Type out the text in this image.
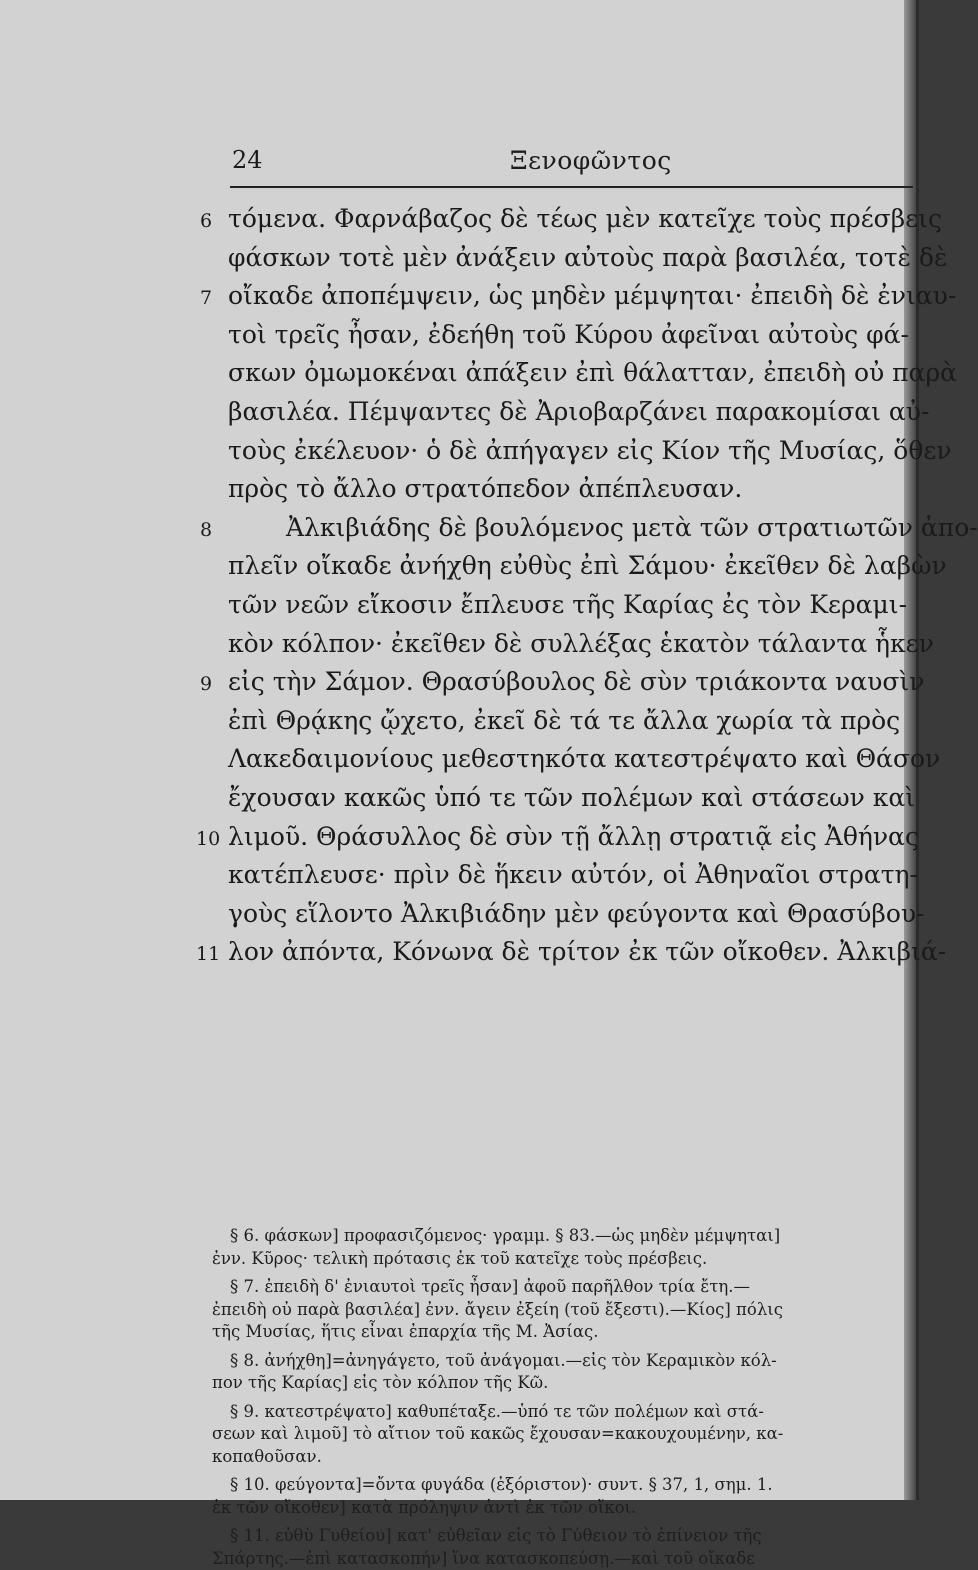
24	Ξενοφῶντος
6 τόμενα. Φαρνάβαζος δὲ τέως μὲν κατεῖχε τοὺς πρέσβεις
φάσκων τοτὲ μὲν ἀνάξειν αὐτοὺς παρὰ βασιλέα, τοτὲ δὲ
7 οἴκαδε ἀποπέμψειν, ὡς μηδὲν μέμψηται· ἐπειδὴ δὲ ἐνιαυ-
τοὶ τρεῖς ἦσαν, ἐδεήθη τοῦ Κύρου ἀφεῖναι αὐτοὺς φά-
σκων ὀμωμοκέναι ἀπάξειν ἐπὶ θάλατταν, ἐπειδὴ οὐ παρὰ
βασιλέα. Πέμψαντες δὲ Ἀριοβαρζάνει παρακομίσαι αὐ-
τοὺς ἐκέλευον· ὁ δὲ ἀπήγαγεν εἰς Κίον τῆς Μυσίας, ὅθεν
πρὸς τὸ ἄλλο στρατόπεδον ἀπέπλευσαν.
8	Ἀλκιβιάδης δὲ βουλόμενος μετὰ τῶν στρατιωτῶν ἀπο-
πλεῖν οἴκαδε ἀνήχθη εὐθὺς ἐπὶ Σάμου· ἐκεῖθεν δὲ λαβὼν
τῶν νεῶν εἴκοσιν ἔπλευσε τῆς Καρίας ἐς τὸν Κεραμι-
κὸν κόλπον· ἐκεῖθεν δὲ συλλέξας ἑκατὸν τάλαντα ἧκεν
9 εἰς τὴν Σάμον. Θρασύβουλος δὲ σὺν τριάκοντα ναυσὶν
ἐπὶ Θρᾴκης ᾤχετο, ἐκεῖ δὲ τά τε ἄλλα χωρία τὰ πρὸς
Λακεδαιμονίους μεθεστηκότα κατεστρέψατο καὶ Θάσον
ἔχουσαν κακῶς ὑπό τε τῶν πολέμων καὶ στάσεων καὶ
10 λιμοῦ. Θράσυλλος δὲ σὺν τῇ ἄλλῃ στρατιᾷ εἰς Ἀθήνας
κατέπλευσε· πρὶν δὲ ἥκειν αὐτόν, οἱ Ἀθηναῖοι στρατη-
γοὺς εἵλοντο Ἀλκιβιάδην μὲν φεύγοντα καὶ Θρασύβου-
11 λον ἀπόντα, Κόνωνα δὲ τρίτον ἐκ τῶν οἴκοθεν. Ἀλκιβιά-
§ 6. φάσκων] προφασιζόμενος· γραμμ. § 83.—ὡς μηδὲν μέμψηται]
ἐνν. Κῦρος· τελικὴ πρότασις ἐκ τοῦ κατεῖχε τοὺς πρέσβεις.
§ 7. ἐπειδὴ δ' ἐνιαυτοὶ τρεῖς ἦσαν] ἀφοῦ παρῆλθον τρία ἔτη.—
ἐπειδὴ οὐ παρὰ βασιλέα] ἐνν. ἄγειν ἐξείη (τοῦ ἔξεστι).—Κίος] πόλις
τῆς Μυσίας, ἥτις εἶναι ἐπαρχία τῆς Μ. Ἀσίας.
§ 8. ἀνήχθη]=ἀνηγάγετο, τοῦ ἀνάγομαι.—εἰς τὸν Κεραμικὸν κόλ-
πον τῆς Καρίας] εἰς τὸν κόλπον τῆς Κῶ.
§ 9. κατεστρέψατο] καθυπέταξε.—ὑπό τε τῶν πολέμων καὶ στά-
σεων καὶ λιμοῦ] τὸ αἴτιον τοῦ κακῶς ἔχουσαν=κακουχουμένην, κα-
κοπαθοῦσαν.
§ 10. φεύγοντα]=ὄντα φυγάδα (ἐξόριστον)· συντ. § 37, 1, σημ. 1.
ἐκ τῶν οἴκοθεν] κατὰ πρόληψιν ἀντὶ ἐκ τῶν οἴκοι.
§ 11. εὐθὺ Γυθείου] κατ' εὐθεῖαν εἰς τὸ Γύθειον τὸ ἐπίνειον τῆς
Σπάρτης.—ἐπὶ κατασκοπήν] ἵνα κατασκοπεύσῃ.—καὶ τοῦ οἴκαδε
